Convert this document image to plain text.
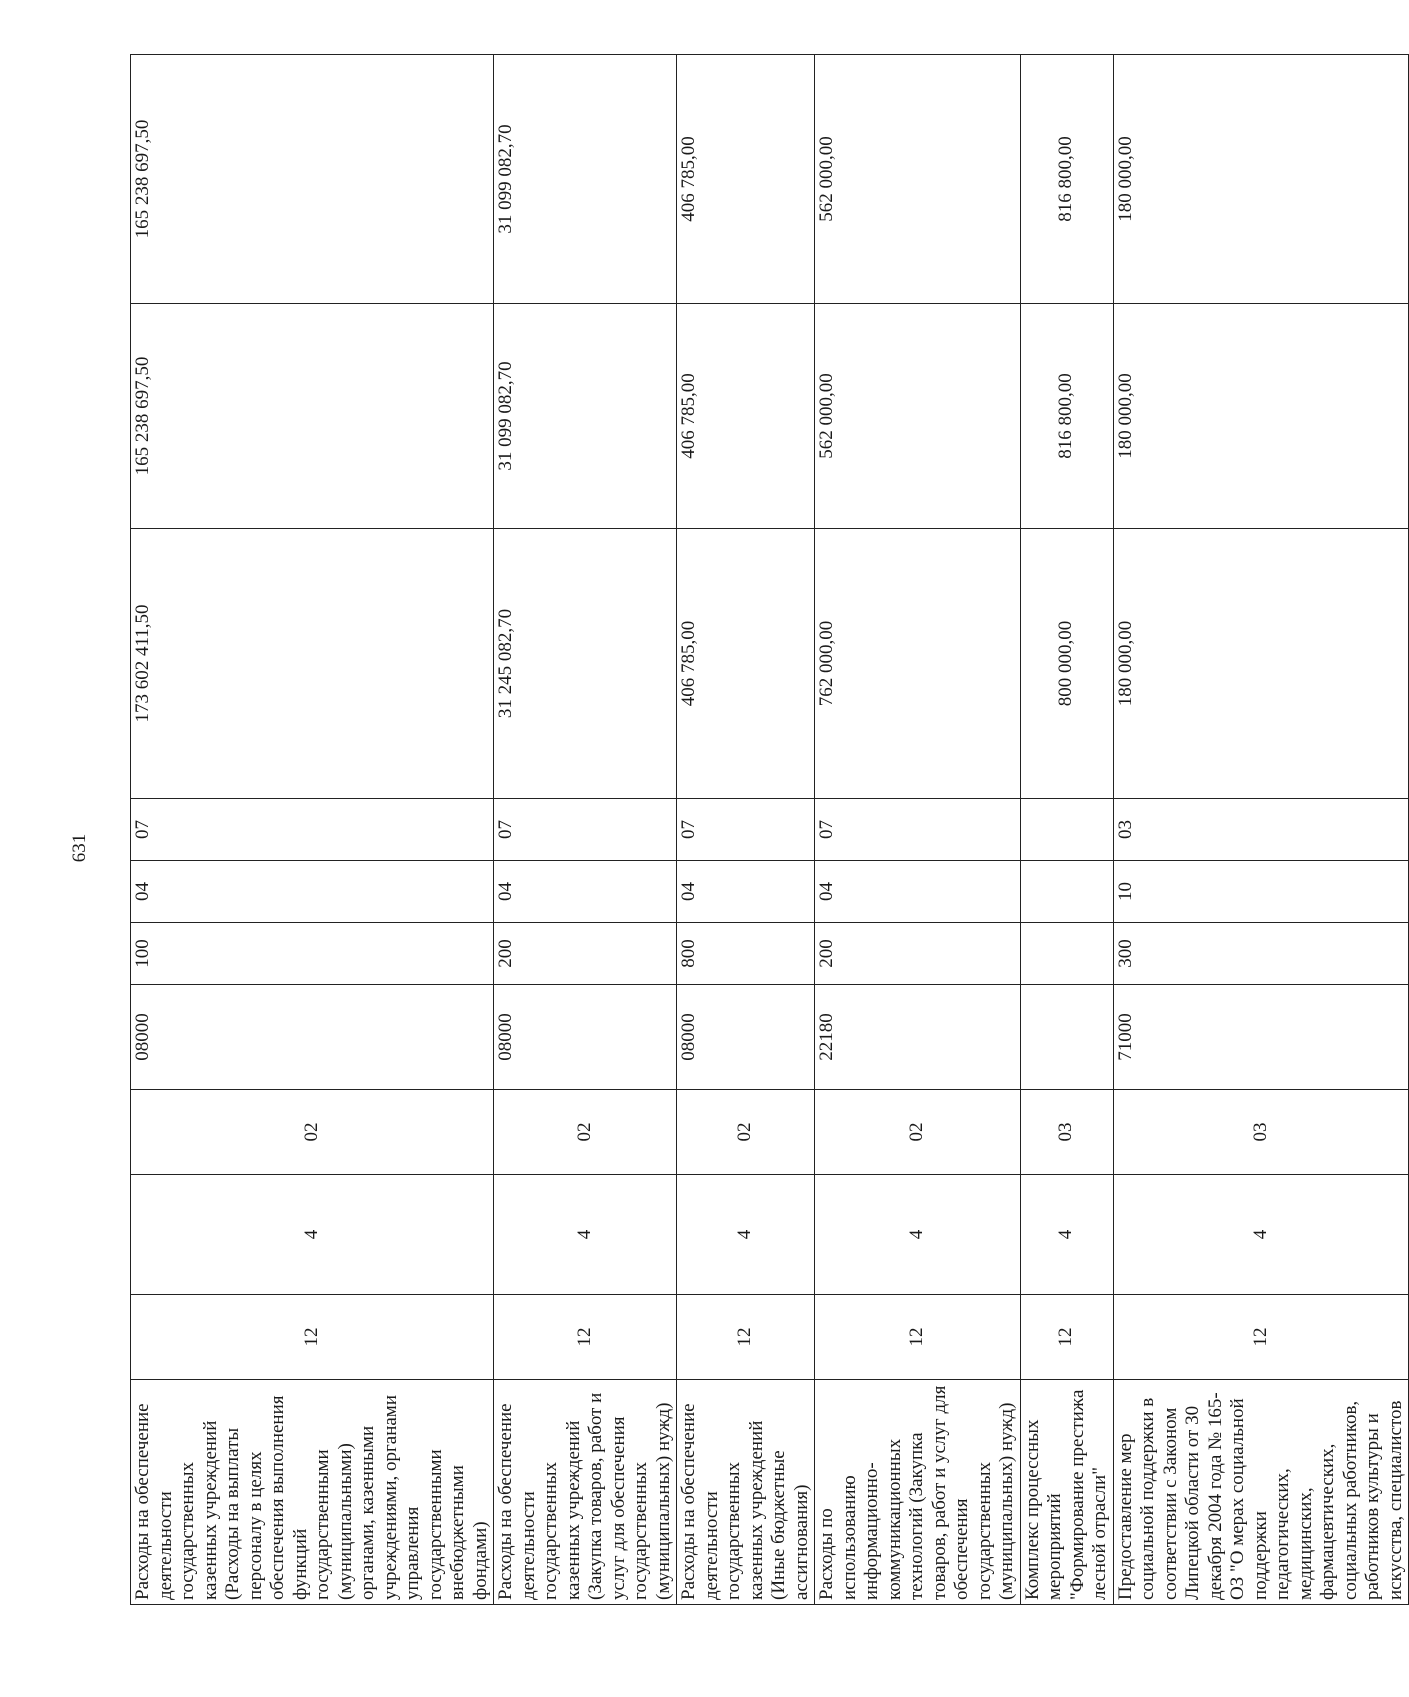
631
Расходы на обеспечение деятельности государственных казенных учреждений (Расходы на выплаты персоналу в целях обеспечения выполнения функций государственными (муниципальными) органами, казенными учреждениями, органами управления государственными внебюджетными фондами)	12	4	02	08000	100	04	07	173 602 411,50	165 238 697,50	165 238 697,50
Расходы на обеспечение деятельности государственных казенных учреждений (Закупка товаров, работ и услуг для обеспечения государственных (муниципальных) нужд)	12	4	02	08000	200	04	07	31 245 082,70	31 099 082,70	31 099 082,70
Расходы на обеспечение деятельности государственных казенных учреждений (Иные бюджетные ассигнования)	12	4	02	08000	800	04	07	406 785,00	406 785,00	406 785,00
Расходы по использованию информационно-коммуникационных технологий (Закупка товаров, работ и услуг для обеспечения государственных (муниципальных) нужд)	12	4	02	22180	200	04	07	762 000,00	562 000,00	562 000,00
Комплекс процессных мероприятий "Формирование престижа лесной отрасли"	12	4	03					800 000,00	816 800,00	816 800,00
Предоставление мер социальной поддержки в соответствии с Законом Липецкой области от 30 декабря 2004 года № 165-ОЗ "О мерах социальной поддержки педагогических, медицинских, фармацевтических, социальных работников, работников культуры и искусства, специалистов	12	4	03	71000	300	10	03	180 000,00	180 000,00	180 000,00
